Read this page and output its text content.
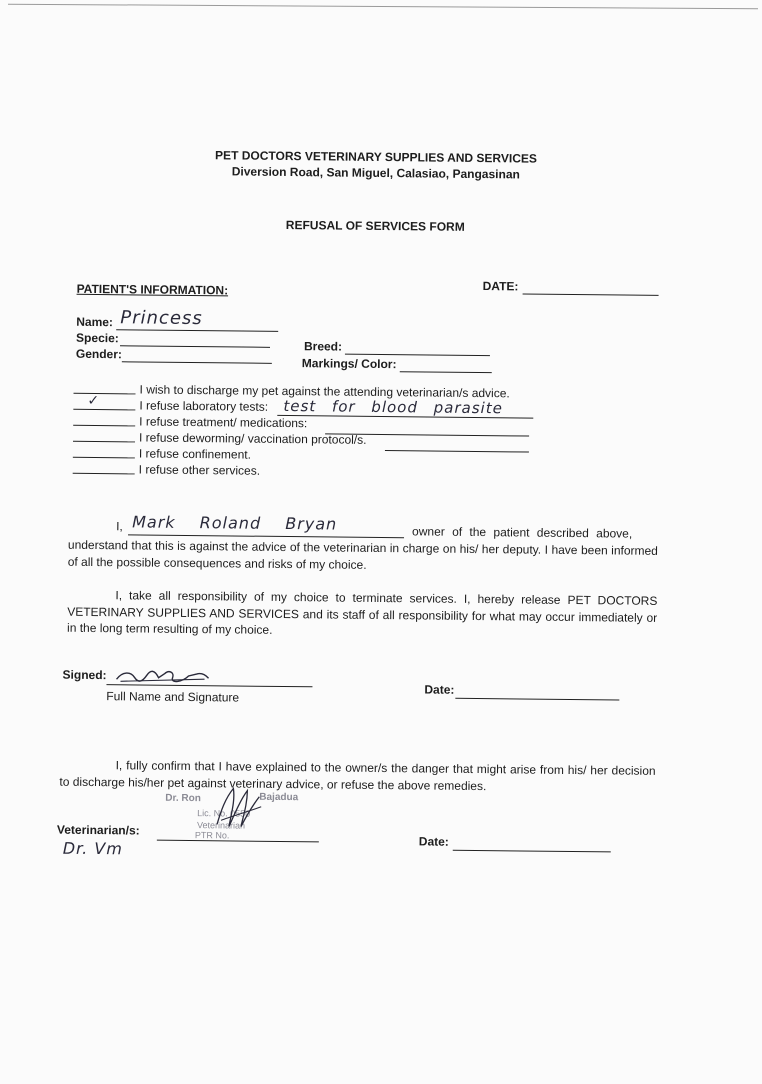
PET DOCTORS VETERINARY SUPPLIES AND SERVICES
Diversion Road, San Miguel, Calasiao, Pangasinan
REFUSAL OF SERVICES FORM
PATIENT'S INFORMATION:	DATE:
Name: Princess
Specie:
Gender:
Breed:
Markings/ Color:
I wish to discharge my pet against the attending veterinarian/s advice.
✓	I refuse laboratory tests: test for blood parasite
I refuse treatment/ medications:
I refuse deworming/ vaccination protocol/s.
I refuse confinement.
I refuse other services.
I, Mark Roland Bryan	owner of the patient described above,
understand that this is against the advice of the veterinarian in charge on his/ her deputy. I have been informed of all the possible consequences and risks of my choice.
I, take all responsibility of my choice to terminate services. I, hereby release PET DOCTORS VETERINARY SUPPLIES AND SERVICES and its staff of all responsibility for what may occur immediately or in the long term resulting of my choice.
Signed:
Full Name and Signature	Date:
I, fully confirm that I have explained to the owner/s the danger that might arise from his/ her decision to discharge his/her pet against veterinary advice, or refuse the above remedies.
Dr. Ron	Bajadua
Lic. No. 0550
Veterinarian
PTR No.
Veterinarian/s:
Dr. Vm	Date:
